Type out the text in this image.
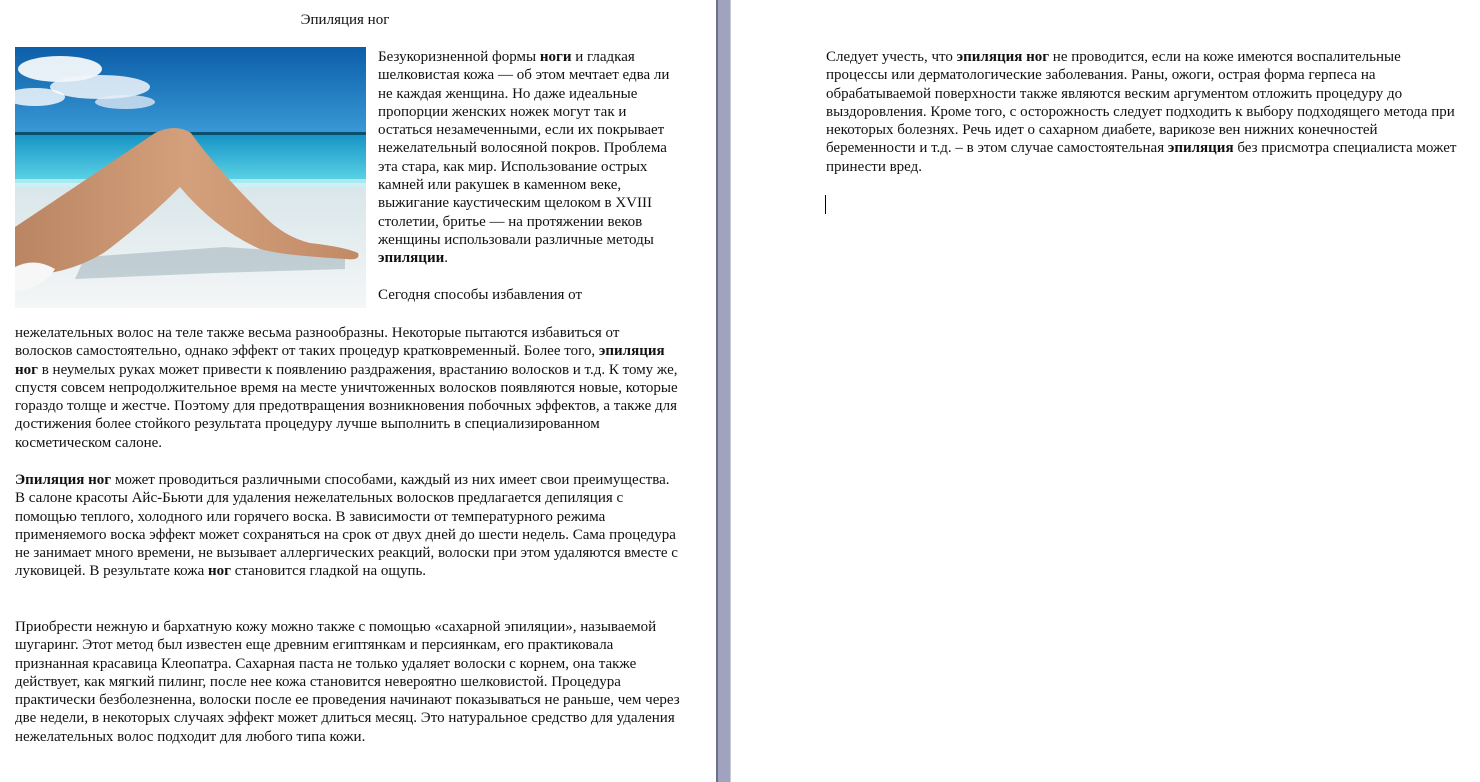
Эпиляция ног

Безукоризненной формы ноги и гладкая шелковистая кожа — об этом мечтает едва ли не каждая женщина. Но даже идеальные пропорции женских ножек могут так и остаться незамеченными, если их покрывает нежелательный волосяной покров. Проблема эта стара, как мир. Использование острых камней или ракушек в каменном веке, выжигание каустическим щелоком в XVIII столетии, бритье — на протяжении веков женщины использовали различные методы эпиляции.

Сегодня способы избавления от

нежелательных волос на теле также весьма разнообразны. Некоторые пытаются избавиться от волосков самостоятельно, однако эффект от таких процедур кратковременный. Более того, эпиляция ног в неумелых руках может привести к появлению раздражения, врастанию волосков и т.д. К тому же, спустя совсем непродолжительное время на месте уничтоженных волосков появляются новые, которые гораздо толще и жестче. Поэтому для предотвращения возникновения побочных эффектов, а также для достижения более стойкого результата процедуру лучше выполнить в специализированном косметическом салоне.
Эпиляция ног может проводиться различными способами, каждый из них имеет свои преимущества. В салоне красоты Айс-Бьюти для удаления нежелательных волосков предлагается депиляция с помощью теплого, холодного или горячего воска. В зависимости от температурного режима применяемого воска эффект может сохраняться на срок от двух дней до шести недель. Сама процедура не занимает много времени, не вызывает аллергических реакций, волоски при этом удаляются вместе с луковицей. В результате кожа ног становится гладкой на ощупь.
Приобрести нежную и бархатную кожу можно также с помощью «сахарной эпиляции», называемой шугаринг. Этот метод был известен еще древним египтянкам и персиянкам, его практиковала признанная красавица Клеопатра. Сахарная паста не только удаляет волоски с корнем, она также действует, как мягкий пилинг, после нее кожа становится невероятно шелковистой. Процедура практически безболезненна, волоски после ее проведения начинают показываться не раньше, чем через две недели, в некоторых случаях эффект может длиться месяц. Это натуральное средство для удаления нежелательных волос подходит для любого типа кожи.
Следует учесть, что эпиляция ног не проводится, если на коже имеются воспалительные процессы или дерматологические заболевания. Раны, ожоги, острая форма герпеса на обрабатываемой поверхности также являются веским аргументом отложить процедуру до выздоровления. Кроме того, с осторожность следует подходить к выбору подходящего метода при некоторых болезнях. Речь идет о сахарном диабете, варикозе вен нижних конечностей беременности и т.д. – в этом случае самостоятельная эпиляция без присмотра специалиста может принести вред.
